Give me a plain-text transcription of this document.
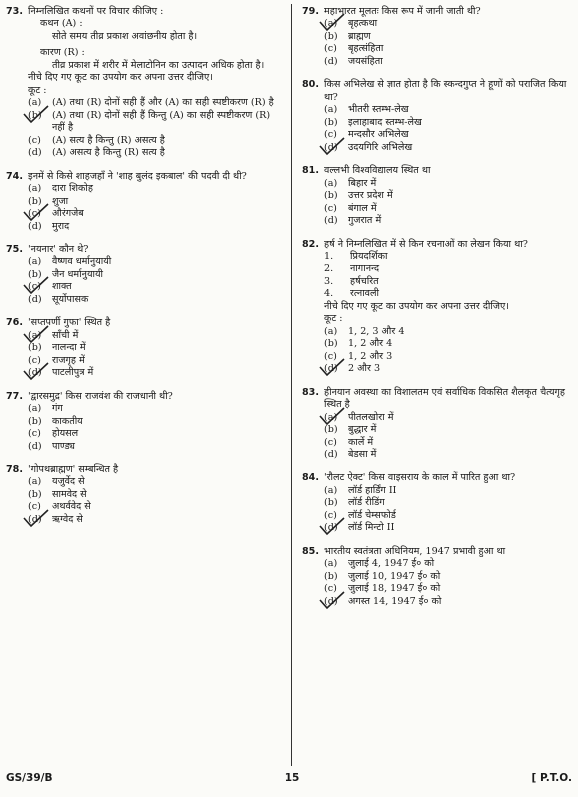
73. निम्नलिखित कथनों पर विचार कीजिए :
कथन (A) :
सोते समय तीव्र प्रकाश अवांछनीय होता है।
कारण (R) :
तीव्र प्रकाश में शरीर में मेलाटोनिन का उत्पादन अधिक होता है।
नीचे दिए गए कूट का उपयोग कर अपना उत्तर दीजिए।
कूट :
(a)	(A) तथा (R) दोनों सही हैं और (A) का सही स्पष्टीकरण (R) है
(b)	(A) तथा (R) दोनों सही हैं किन्तु (A) का सही स्पष्टीकरण (R) नहीं है
(c)	(A) सत्य है किन्तु (R) असत्य है
(d)	(A) असत्य है किन्तु (R) सत्य है
74. इनमें से किसे शाहजहाँ ने 'शाह बुलंद इकबाल' की पदवी दी थी?
(a)	दारा शिकोह
(b)	शुजा
(c)	औरंगजेब
(d)	मुराद
75. 'नयनार' कौन थे?
(a)	वैष्णव धर्मानुयायी
(b)	जैन धर्मानुयायी
(c)	शाक्त
(d)	सूर्योपासक
76. 'सप्तपर्णी गुफा' स्थित है
(a)	साँची में
(b)	नालन्दा में
(c)	राजगृह में
(d)	पाटलीपुत्र में
77. 'द्वारसमुद्र' किस राजवंश की राजधानी थी?
(a)	गंग
(b)	काकतीय
(c)	होयसल
(d)	पाण्ड्य
78. 'गोपथब्राह्मण' सम्बन्धित है
(a)	यजुर्वेद से
(b)	सामवेद से
(c)	अथर्ववेद से
(d)	ऋग्वेद से
79. महाभारत मूलतः किस रूप में जानी जाती थी?
(a)	बृहत्कथा
(b)	ब्राह्मण
(c)	बृहत्संहिता
(d)	जयसंहिता
80. किस अभिलेख से ज्ञात होता है कि स्कन्दगुप्त ने हूणों को पराजित किया था?
(a)	भीतरी स्तम्भ-लेख
(b)	इलाहाबाद स्तम्भ-लेख
(c)	मन्दसौर अभिलेख
(d)	उदयगिरि अभिलेख
81. वल्लभी विश्वविद्यालय स्थित था
(a)	बिहार में
(b)	उत्तर प्रदेश में
(c)	बंगाल में
(d)	गुजरात में
82. हर्ष ने निम्नलिखित में से किन रचनाओं का लेखन किया था?
1.	प्रियदर्शिका
2.	नागानन्द
3.	हर्षचरित
4.	रत्नावली
नीचे दिए गए कूट का उपयोग कर अपना उत्तर दीजिए।
कूट :
(a)	1, 2, 3 और 4
(b)	1, 2 और 4
(c)	1, 2 और 3
(d)	2 और 3
83. हीनयान अवस्था का विशालतम एवं सर्वाधिक विकसित शैलकृत चैत्यगृह स्थित है
(a)	पीतलखोरा में
(b)	बुद्धार में
(c)	कार्ले में
(d)	बेडसा में
84. 'रौलट ऐक्ट' किस वाइसराय के काल में पारित हुआ था?
(a)	लॉर्ड हार्डिंग II
(b)	लॉर्ड रीडिंग
(c)	लॉर्ड चेम्सफोर्ड
(d)	लॉर्ड मिन्टो II
85. भारतीय स्वतंत्रता अधिनियम, 1947 प्रभावी हुआ था
(a)	जुलाई 4, 1947 ई० को
(b)	जुलाई 10, 1947 ई० को
(c)	जुलाई 18, 1947 ई० को
(d)	अगस्त 14, 1947 ई० को
GS/39/B	15	[ P.T.O.
